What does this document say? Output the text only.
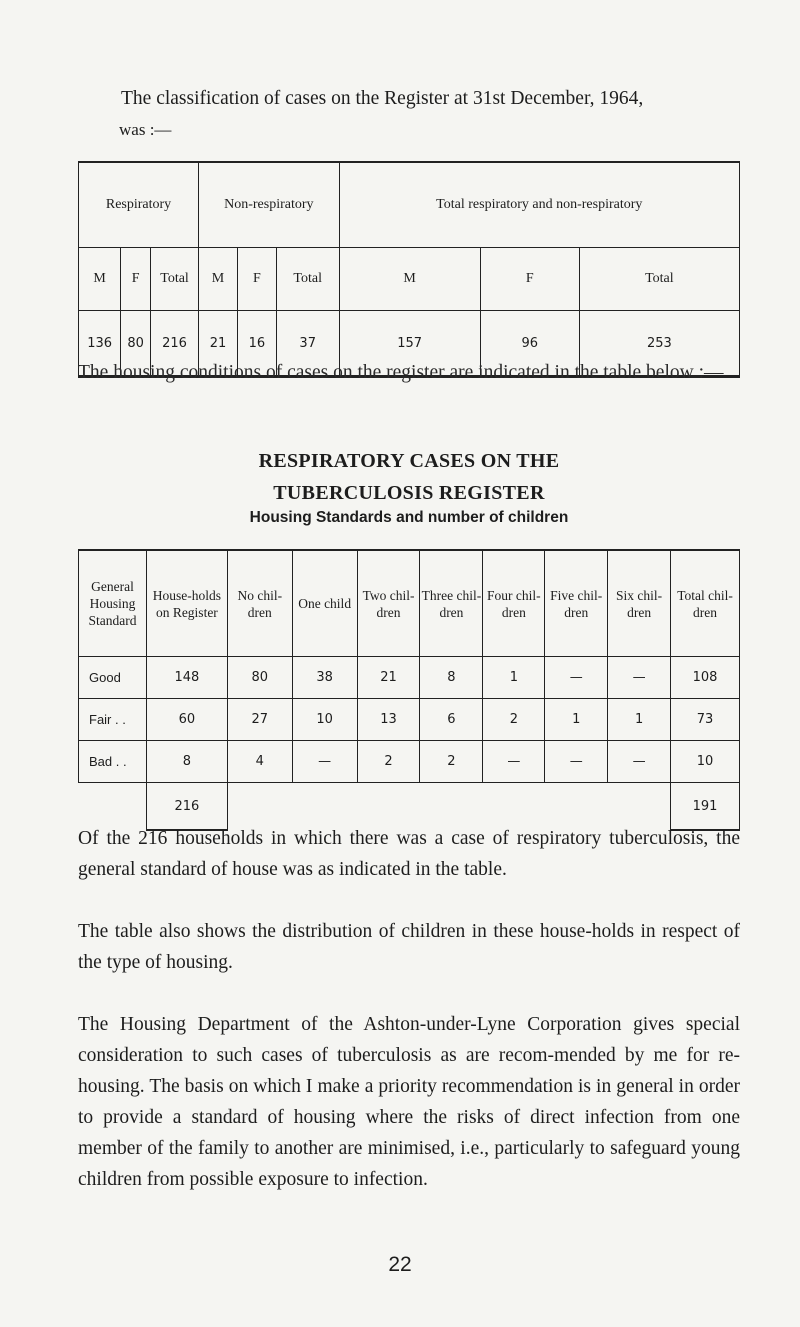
The classification of cases on the Register at 31st December, 1964,
was :—

Respiratory			Non-respiratory			Total respiratory and non-respiratory		
M	F	Total	M	F	Total	M	F	Total
136	80	216	21	16	37	157	96	253

The housing conditions of cases on the register are indicated in the table below :—

RESPIRATORY CASES ON THE
TUBERCULOSIS REGISTER

Housing Standards and number of children

General Housing Standard	House-holds on Register	No chil-dren	One child	Two chil-dren	Three chil-dren	Four chil-dren	Five chil-dren	Six chil-dren	Total chil-dren
Good	148	80	38	21	8	1	—	—	108
Fair . .	60	27	10	13	6	2	1	1	73
Bad . .	8	4	—	2	2	—	—	—	10
	216								191

Of the 216 households in which there was a case of respiratory tuberculosis, the general standard of house was as indicated in the table.

The table also shows the distribution of children in these house-holds in respect of the type of housing.

The Housing Department of the Ashton-under-Lyne Corporation gives special consideration to such cases of tuberculosis as are recom-mended by me for re-housing. The basis on which I make a priority recommendation is in general in order to provide a standard of housing where the risks of direct infection from one member of the family to another are minimised, i.e., particularly to safeguard young children from possible exposure to infection.

22
